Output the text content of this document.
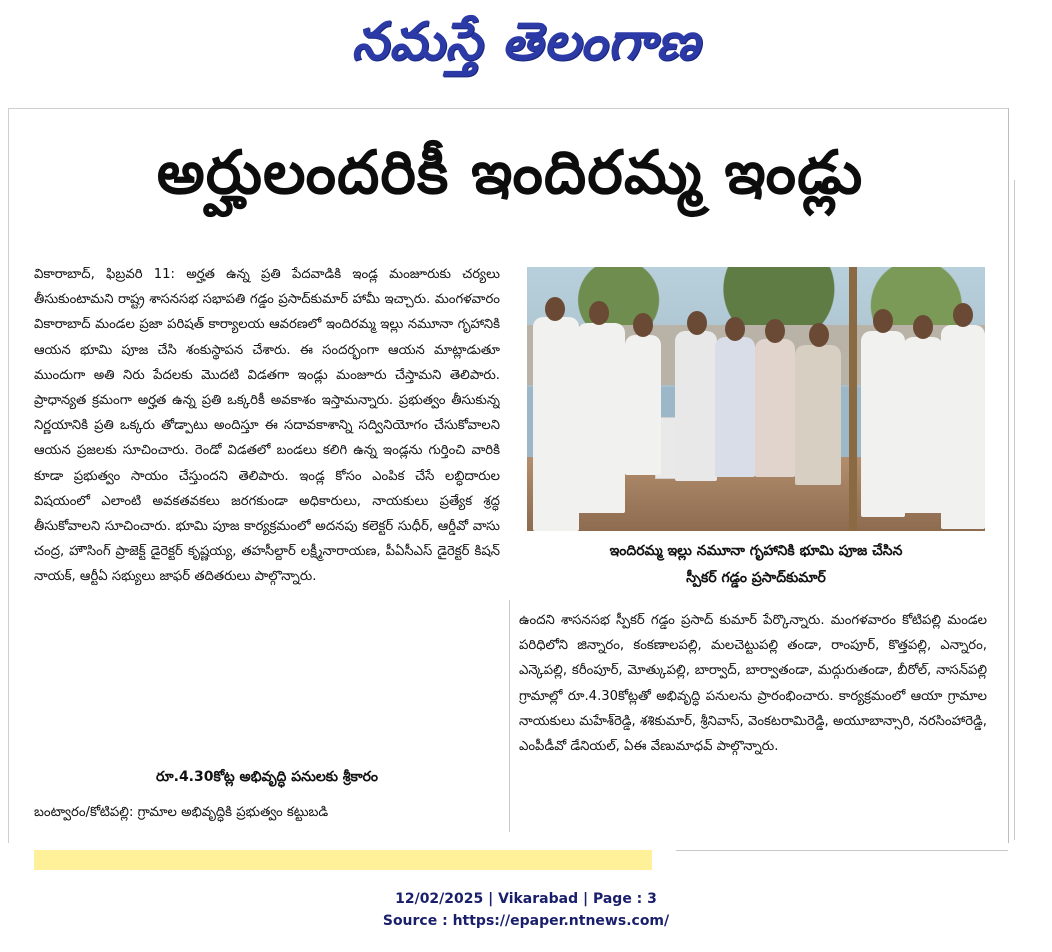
నమస్తే తెలంగాణ
అర్హులందరికీ ఇందిరమ్మ ఇండ్లు

వికారాబాద్, ఫిబ్రవరి 11: అర్హత ఉన్న ప్రతి పేదవాడికి ఇండ్ల మంజూరుకు చర్యలు తీసుకుంటామని రాష్ట్ర శాసనసభ సభాపతి గడ్డం ప్రసాద్‌కుమార్ హామీ ఇచ్చారు. మంగళవారం వికారాబాద్ మండల ప్రజా పరిషత్ కార్యాలయ ఆవరణలో ఇందిరమ్మ ఇల్లు నమూనా గృహానికి ఆయన భూమి పూజ చేసి శంకుస్థాపన చేశారు. ఈ సందర్భంగా ఆయన మాట్లాడుతూ ముందుగా అతి నిరు పేదలకు మొదటి విడతగా ఇండ్లు మంజూరు చేస్తామని తెలిపారు. ప్రాధాన్యత క్రమంగా అర్హత ఉన్న ప్రతి ఒక్కరికీ అవకాశం ఇస్తామన్నారు. ప్రభుత్వం తీసుకున్న నిర్ణయానికి ప్రతి ఒక్కరు తోడ్పాటు అందిస్తూ ఈ సదావకాశాన్ని సద్వినియోగం చేసుకోవాలని ఆయన ప్రజలకు సూచించారు. రెండో విడతలో బండలు కలిగి ఉన్న ఇండ్లను గుర్తించి వారికి కూడా ప్రభుత్వం సాయం చేస్తుందని తెలిపారు. ఇండ్ల కోసం ఎంపిక చేసే లబ్ధిదారుల విషయంలో ఎలాంటి అవకతవకలు జరగకుండా అధికారులు, నాయకులు ప్రత్యేక శ్రద్ధ తీసుకోవాలని సూచించారు. భూమి పూజ కార్యక్రమంలో అదనపు కలెక్టర్ సుధీర్, ఆర్డీవో వాసు చంద్ర, హౌసింగ్ ప్రాజెక్ట్ డైరెక్టర్ కృష్ణయ్య, తహసీల్దార్ లక్ష్మీనారాయణ, పీఏసీఎస్ డైరెక్టర్ కిషన్ నాయక్, ఆర్టీఏ సభ్యులు జాఫర్ తదితరులు పాల్గొన్నారు.

రూ.4.30కోట్ల అభివృద్ధి పనులకు శ్రీకారం
బంట్వారం/కోటిపల్లి: గ్రామాల అభివృద్ధికి ప్రభుత్వం కట్టుబడి
ఇందిరమ్మ ఇల్లు నమూనా గృహానికి భూమి పూజ చేసిన
స్పీకర్ గడ్డం ప్రసాద్‌కుమార్

ఉందని శాసనసభ స్పీకర్ గడ్డం ప్రసాద్ కుమార్ పేర్కొన్నారు. మంగళవారం కోటిపల్లి మండల పరిధిలోని జిన్నారం, కంకణాలపల్లి, మలచెట్టుపల్లి తండా, రాంపూర్, కొత్తపల్లి, ఎన్నారం, ఎన్కెపల్లి, కరీంపూర్, మోత్కుపల్లి, బార్వాద్, బార్వాతండా, మద్గురుతండా, బీరోల్, నాసన్‌పల్లి గ్రామాల్లో రూ.4.30కోట్లతో అభివృద్ధి పనులను ప్రారంభించారు. కార్యక్రమంలో ఆయా గ్రామాల నాయకులు మహేశ్‌రెడ్డి, శశికుమార్, శ్రీనివాస్, వెంకటరామిరెడ్డి, అయూబాన్సారి, నరసింహారెడ్డి, ఎంపీడీవో డేనియల్, ఏఈ వేణుమాధవ్ పాల్గొన్నారు.

12/02/2025 | Vikarabad | Page : 3
Source : https://epaper.ntnews.com/
